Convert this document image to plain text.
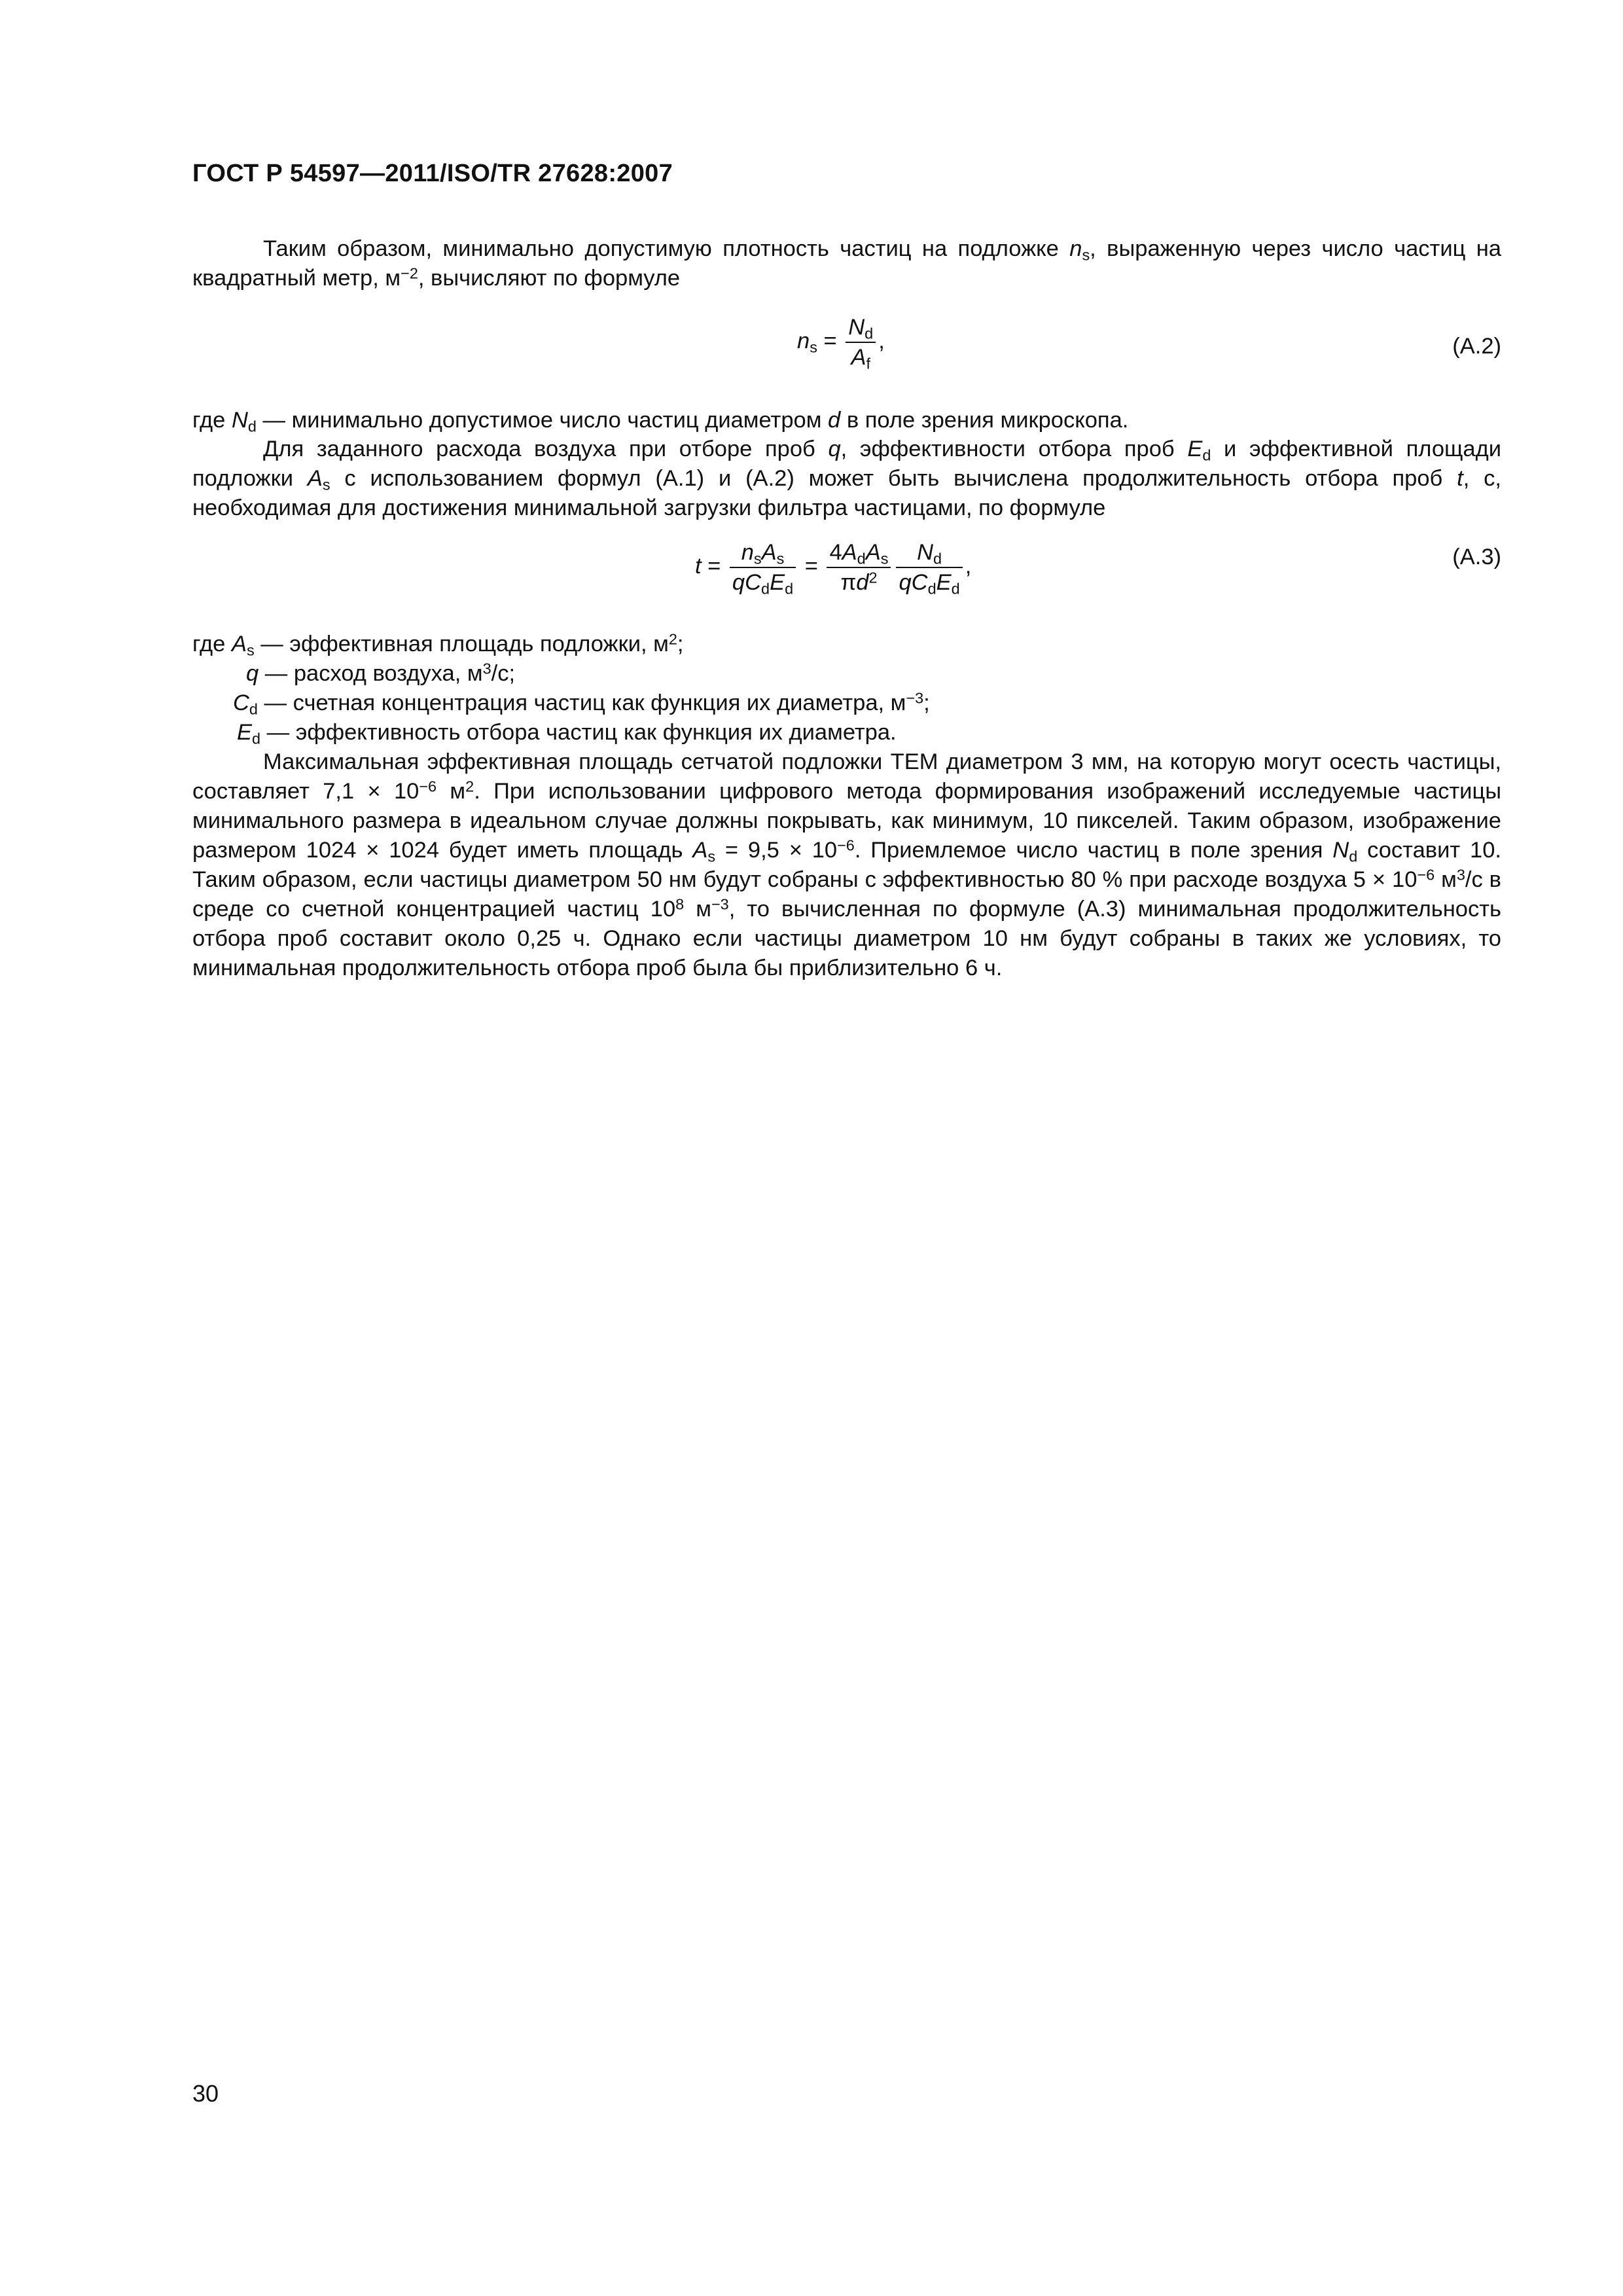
ГОСТ Р 54597—2011/ISO/TR 27628:2007

Таким образом, минимально допустимую плотность частиц на подложке $n_s$, выраженную через число частиц на квадратный метр, $м^{-2}$, вычисляют по формуле

$n_s = \frac{N_d}{A_f}$ ,	(A.2)
где $N_d$ — минимально допустимое число частиц диаметром d в поле зрения микроскопа.

Для заданного расхода воздуха при отборе проб q, эффективности отбора проб $E_d$ и эффективной площади подложки $A_s$ с использованием формул (A.1) и (A.2) может быть вычислена продолжительность отбора проб t, с, необходимая для достижения минимальной загрузки фильтра частицами, по формуле

$t = \frac{n_sA_s}{qC_dE_d} = \frac{4A_dA_s}{\pi d^2} \frac{N_d}{qC_dE_d}$ ,	(A.3)
где $A_s$ — эффективная площадь подложки, $м^2$;
q — расход воздуха, $м^3/с$;
$C_d$ — счетная концентрация частиц как функция их диаметра, $м^{-3}$;
$E_d$ — эффективность отбора частиц как функция их диаметра.

Максимальная эффективная площадь сетчатой подложки ТЕМ диаметром 3 мм, на которую могут осесть частицы, составляет $7,1 \times 10^{-6}$ $м^2$. При использовании цифрового метода формирования изображений исследуемые частицы минимального размера в идеальном случае должны покрывать, как минимум, 10 пикселей. Таким образом, изображение размером 1024 × 1024 будет иметь площадь $A_s = 9,5 \times 10^{-6}$. Приемлемое число частиц в поле зрения $N_d$ составит 10. Таким образом, если частицы диаметром 50 нм будут собраны с эффективностью 80 % при расходе воздуха $5 \times 10^{-6}$ $м^3/с$ в среде со счетной концентрацией частиц $10^8$ $м^{-3}$, то вычисленная по формуле (A.3) минимальная продолжительность отбора проб составит около 0,25 ч. Однако если частицы диаметром 10 нм будут собраны в таких же условиях, то минимальная продолжительность отбора проб была бы приблизительно 6 ч.

30
